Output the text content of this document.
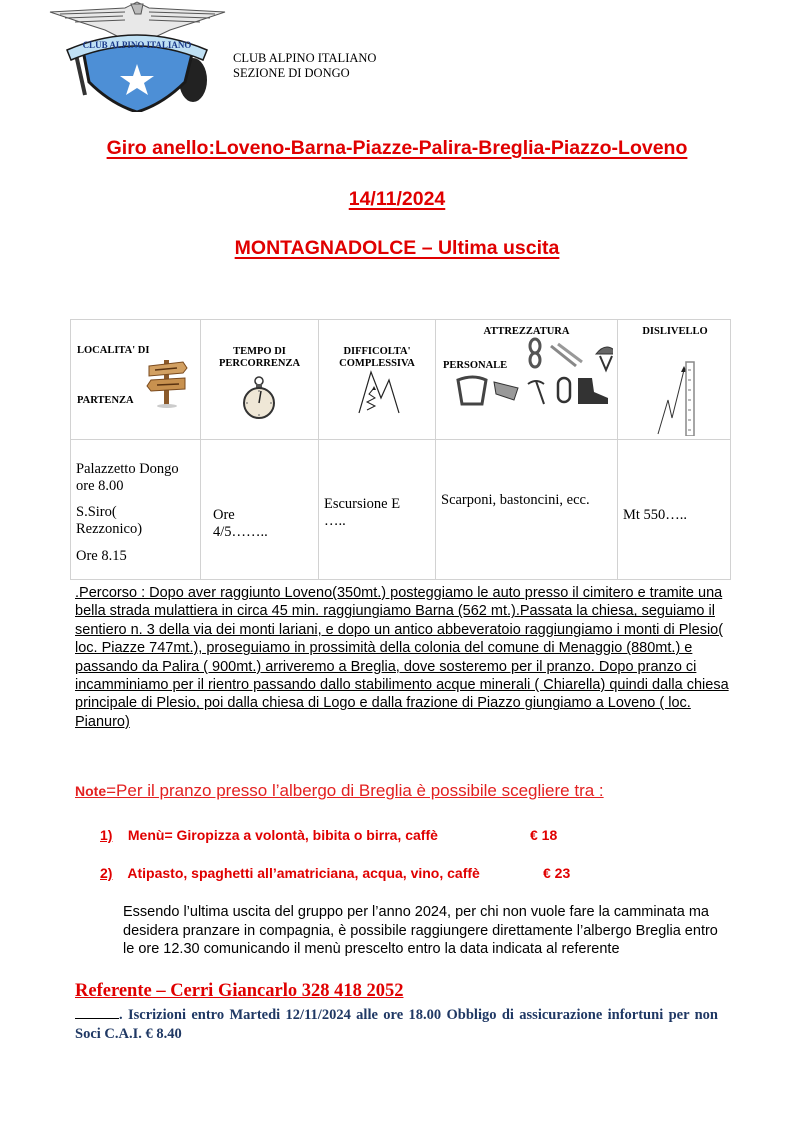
CLUB ALPINO ITALIANO
CLUB ALPINO ITALIANO
SEZIONE DI DONGO
Giro anello:Loveno-Barna-Piazze-Palira-Breglia-Piazzo-Loveno
14/11/2024
MONTAGNADOLCE – Ultima uscita
LOCALITA' DI
PARTENZA
TEMPO DI
PERCORRENZA
DIFFICOLTA'
COMPLESSIVA
ATTREZZATURA
PERSONALE
DISLIVELLO
Palazzetto Dongo
ore 8.00
S.Siro(
Rezzonico)
Ore 8.15
Ore
4/5……..
Escursione E
…..
Scarponi, bastoncini, ecc.
Mt 550…..
.Percorso : Dopo aver raggiunto Loveno(350mt.) posteggiamo le auto presso il cimitero e tramite una bella strada mulattiera in circa 45 min. raggiungiamo Barna (562 mt.).Passata la chiesa, seguiamo il sentiero n. 3 della via dei monti lariani, e dopo un antico abbeveratoio raggiungiamo i monti di Plesio( loc. Piazze 747mt.), proseguiamo in prossimità della colonia del comune di Menaggio (880mt.) e passando da Palira ( 900mt.) arriveremo a Breglia, dove sosteremo per il pranzo. Dopo pranzo ci incamminiamo per il rientro passando dallo stabilimento acque minerali ( Chiarella) quindi dalla chiesa principale di Plesio, poi dalla chiesa di Logo e dalla frazione di Piazzo giungiamo a Loveno ( loc. Pianuro)
Note=Per il pranzo presso l’albergo di Breglia è possibile scegliere tra :
1) Menù= Giropizza a volontà, bibita o birra, caffè	€ 18
2) Atipasto, spaghetti all’amatriciana, acqua, vino, caffè	€ 23
Essendo l’ultima uscita del gruppo per l’anno 2024, per chi non vuole fare la camminata ma desidera pranzare in compagnia, è possibile raggiungere direttamente l’albergo Breglia entro le ore 12.30 comunicando il menù prescelto entro la data indicata al referente
Referente – Cerri Giancarlo 328 418 2052
. Iscrizioni entro Martedi 12/11/2024 alle ore 18.00 Obbligo di assicurazione infortuni per non Soci C.A.I. € 8.40
